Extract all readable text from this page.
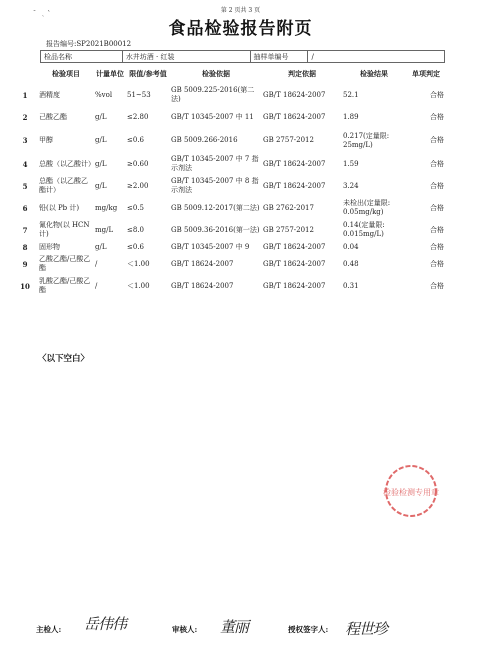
ˉ ˎ ‛	第 2 页共 3 页
食品检验报告附页
报告编号:SP2021B00012
检品名称	水井坊酒 · 红装	抽样单编号	/
	检验项目	计量单位	限值/参考值	检验依据	判定依据	检验结果	单项判定
1	酒精度	%vol	51~53	GB 5009.225-2016(第二法)	GB/T 18624-2007	52.1	合格
2	己酸乙酯	g/L	≤2.80	GB/T 10345-2007 中 11	GB/T 18624-2007	1.89	合格
3	甲醇	g/L	≤0.6	GB 5009.266-2016	GB 2757-2012	0.217(定量限: 25mg/L)	合格
4	总酸（以乙酸计）	g/L	≥0.60	GB/T 10345-2007 中 7 指示剂法	GB/T 18624-2007	1.59	合格
5	总酯（以乙酸乙酯计）	g/L	≥2.00	GB/T 10345-2007 中 8 指示剂法	GB/T 18624-2007	3.24	合格
6	铅(以 Pb 计)	mg/kg	≤0.5	GB 5009.12-2017(第二法)	GB 2762-2017	未检出(定量限: 0.05mg/kg)	合格
7	氰化物(以 HCN 计)	mg/L	≤8.0	GB 5009.36-2016(第一法)	GB 2757-2012	0.14(定量限: 0.015mg/L)	合格
8	固形物	g/L	≤0.6	GB/T 10345-2007 中 9	GB/T 18624-2007	0.04	合格
9	乙酸乙酯/己酸乙酯	/	＜1.00	GB/T 18624-2007	GB/T 18624-2007	0.48	合格
10	乳酸乙酯/己酸乙酯	/	＜1.00	GB/T 18624-2007	GB/T 18624-2007	0.31	合格
〈以下空白〉
检验检测专用章
主检人: 岳伟伟	审核人: 董丽	授权签字人: 程世珍
